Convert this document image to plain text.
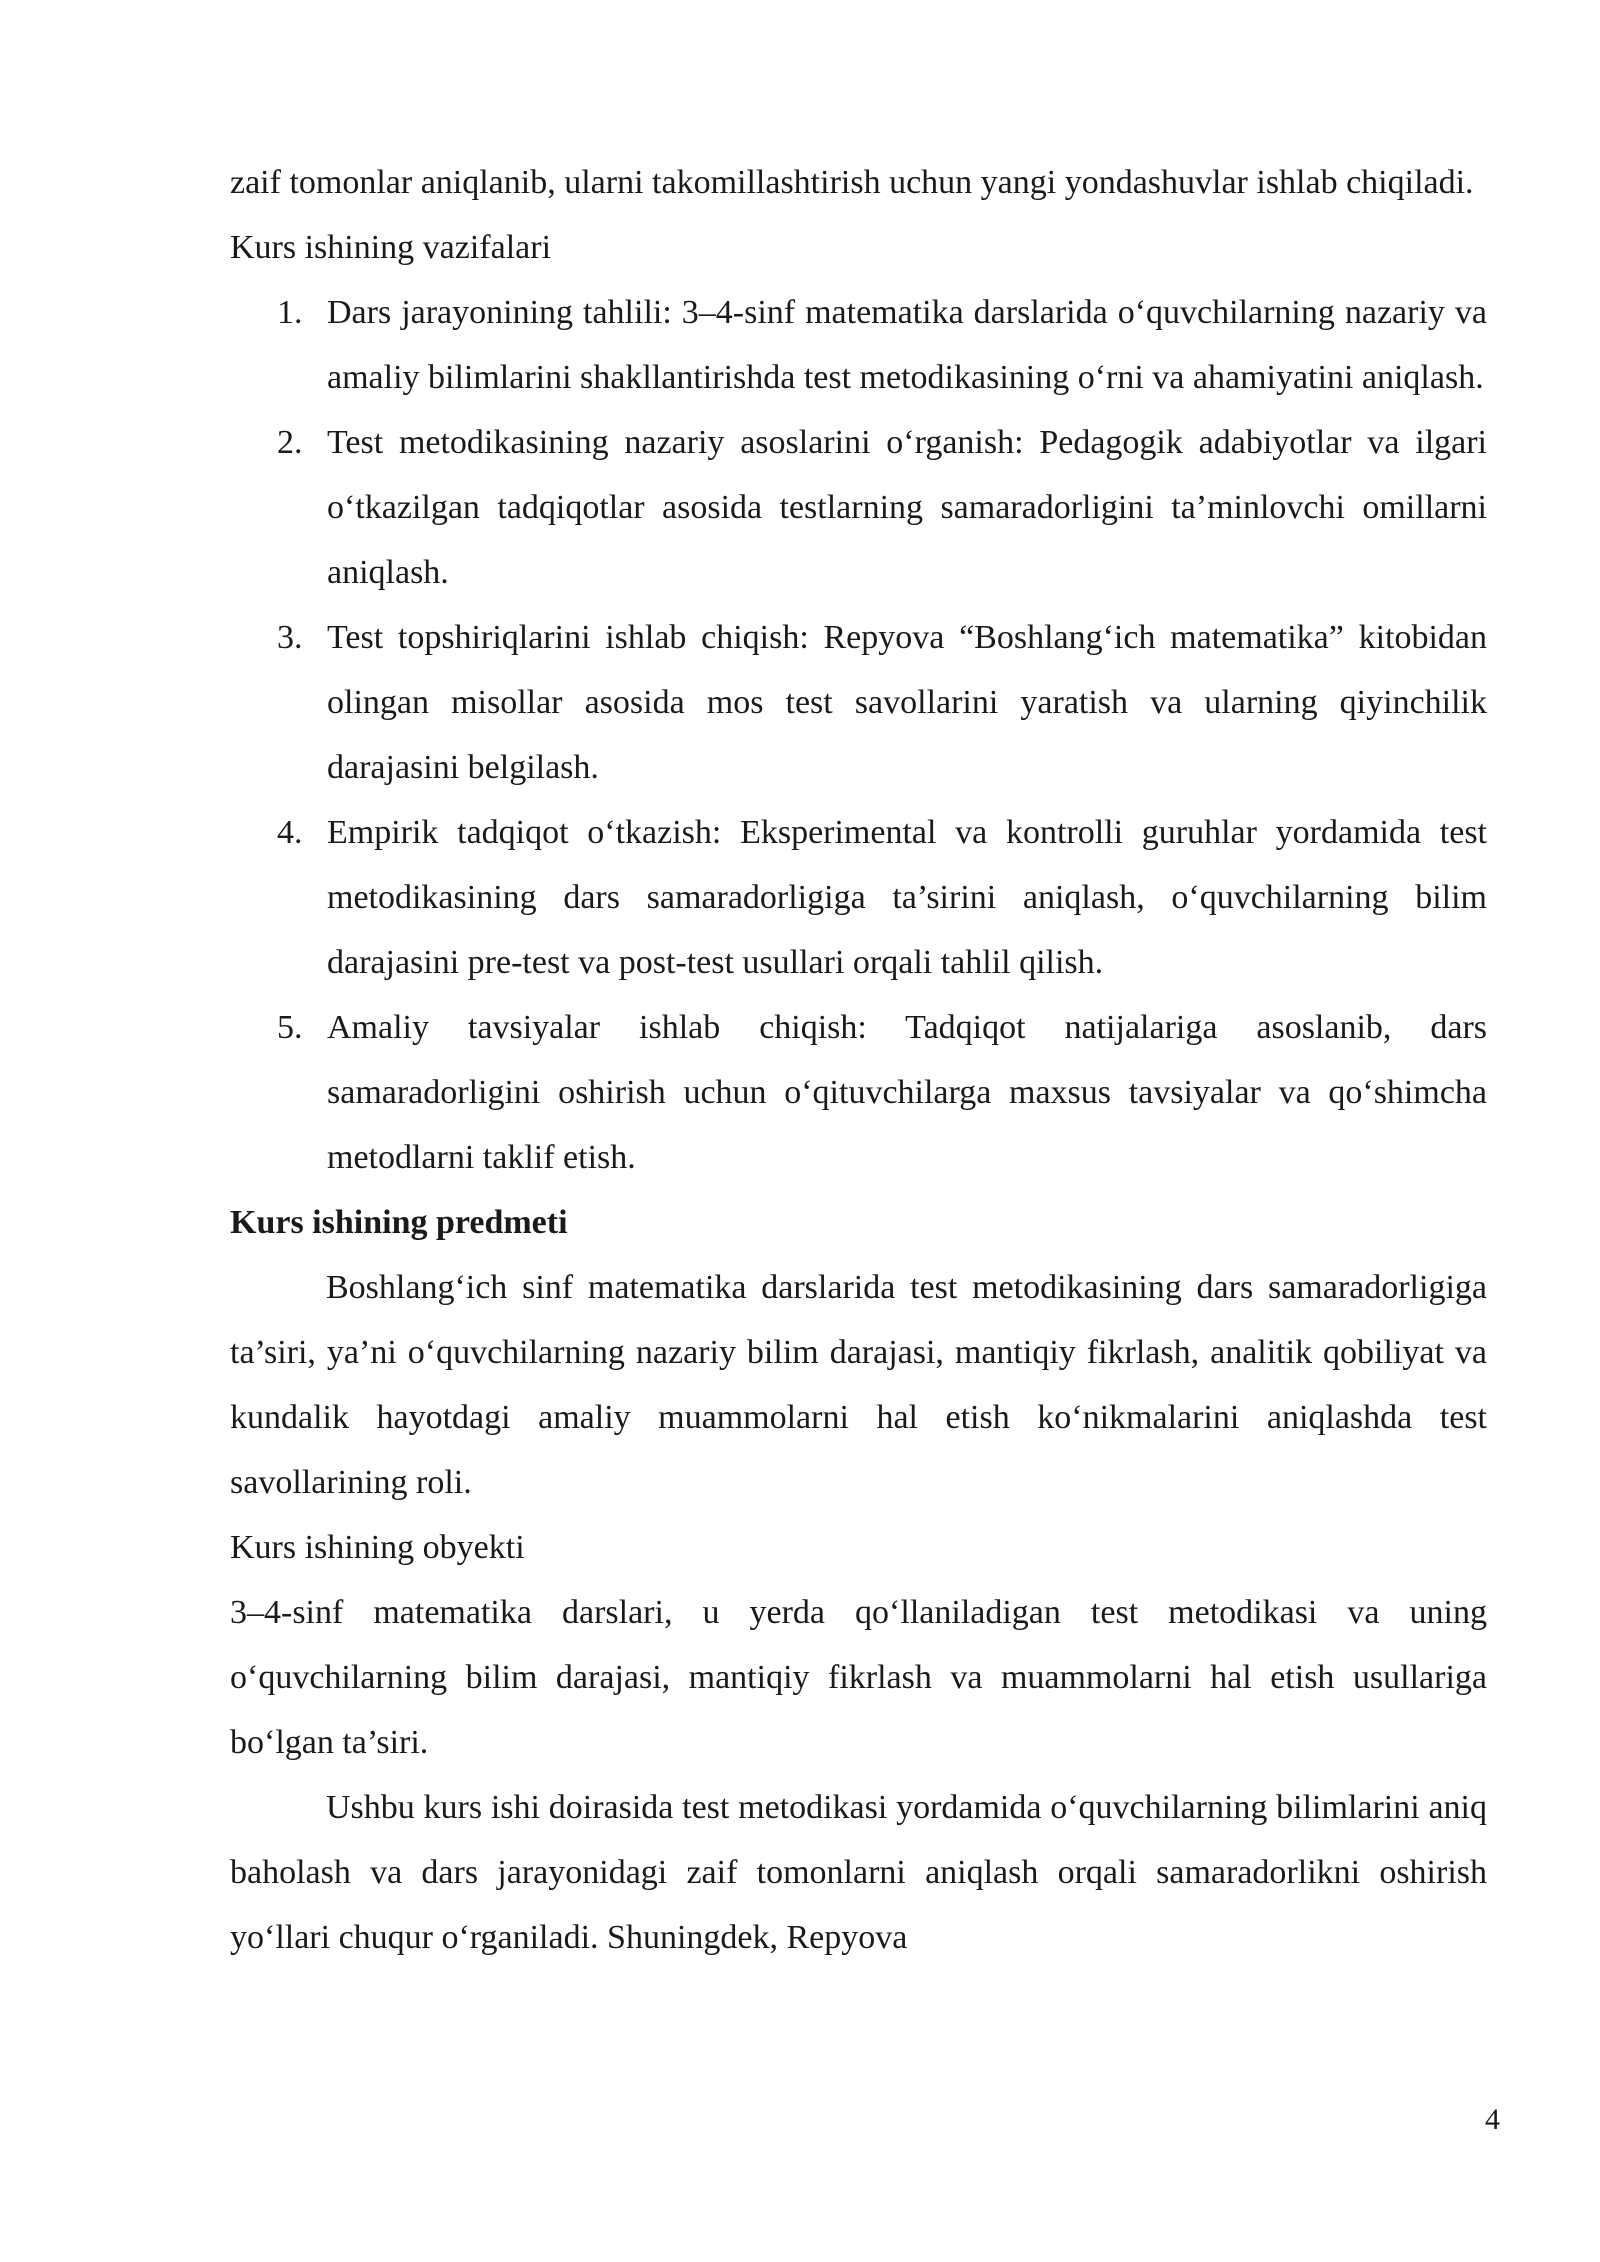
zaif tomonlar aniqlanib, ularni takomillashtirish uchun yangi yondashuvlar ishlab chiqiladi.

Kurs ishining vazifalari

1. Dars jarayonining tahlili: 3–4-sinf matematika darslarida o‘quvchilarning nazariy va amaliy bilimlarini shakllantirishda test metodikasining o‘rni va ahamiyatini aniqlash.
2. Test metodikasining nazariy asoslarini o‘rganish: Pedagogik adabiyotlar va ilgari o‘tkazilgan tadqiqotlar asosida testlarning samaradorligini ta’minlovchi omillarni aniqlash.
3. Test topshiriqlarini ishlab chiqish: Repyova “Boshlang‘ich matematika” kitobidan olingan misollar asosida mos test savollarini yaratish va ularning qiyinchilik darajasini belgilash.
4. Empirik tadqiqot o‘tkazish: Eksperimental va kontrolli guruhlar yordamida test metodikasining dars samaradorligiga ta’sirini aniqlash, o‘quvchilarning bilim darajasini pre-test va post-test usullari orqali tahlil qilish.
5. Amaliy tavsiyalar ishlab chiqish: Tadqiqot natijalariga asoslanib, dars samaradorligini oshirish uchun o‘qituvchilarga maxsus tavsiyalar va qo‘shimcha metodlarni taklif etish.

Kurs ishining predmeti

Boshlang‘ich sinf matematika darslarida test metodikasining dars samaradorligiga ta’siri, ya’ni o‘quvchilarning nazariy bilim darajasi, mantiqiy fikrlash, analitik qobiliyat va kundalik hayotdagi amaliy muammolarni hal etish ko‘nikmalarini aniqlashda test savollarining roli.

Kurs ishining obyekti

3–4-sinf matematika darslari, u yerda qo‘llaniladigan test metodikasi va uning o‘quvchilarning bilim darajasi, mantiqiy fikrlash va muammolarni hal etish usullariga bo‘lgan ta’siri.

Ushbu kurs ishi doirasida test metodikasi yordamida o‘quvchilarning bilimlarini aniq baholash va dars jarayonidagi zaif tomonlarni aniqlash orqali samaradorlikni oshirish yo‘llari chuqur o‘rganiladi. Shuningdek, Repyova

4
